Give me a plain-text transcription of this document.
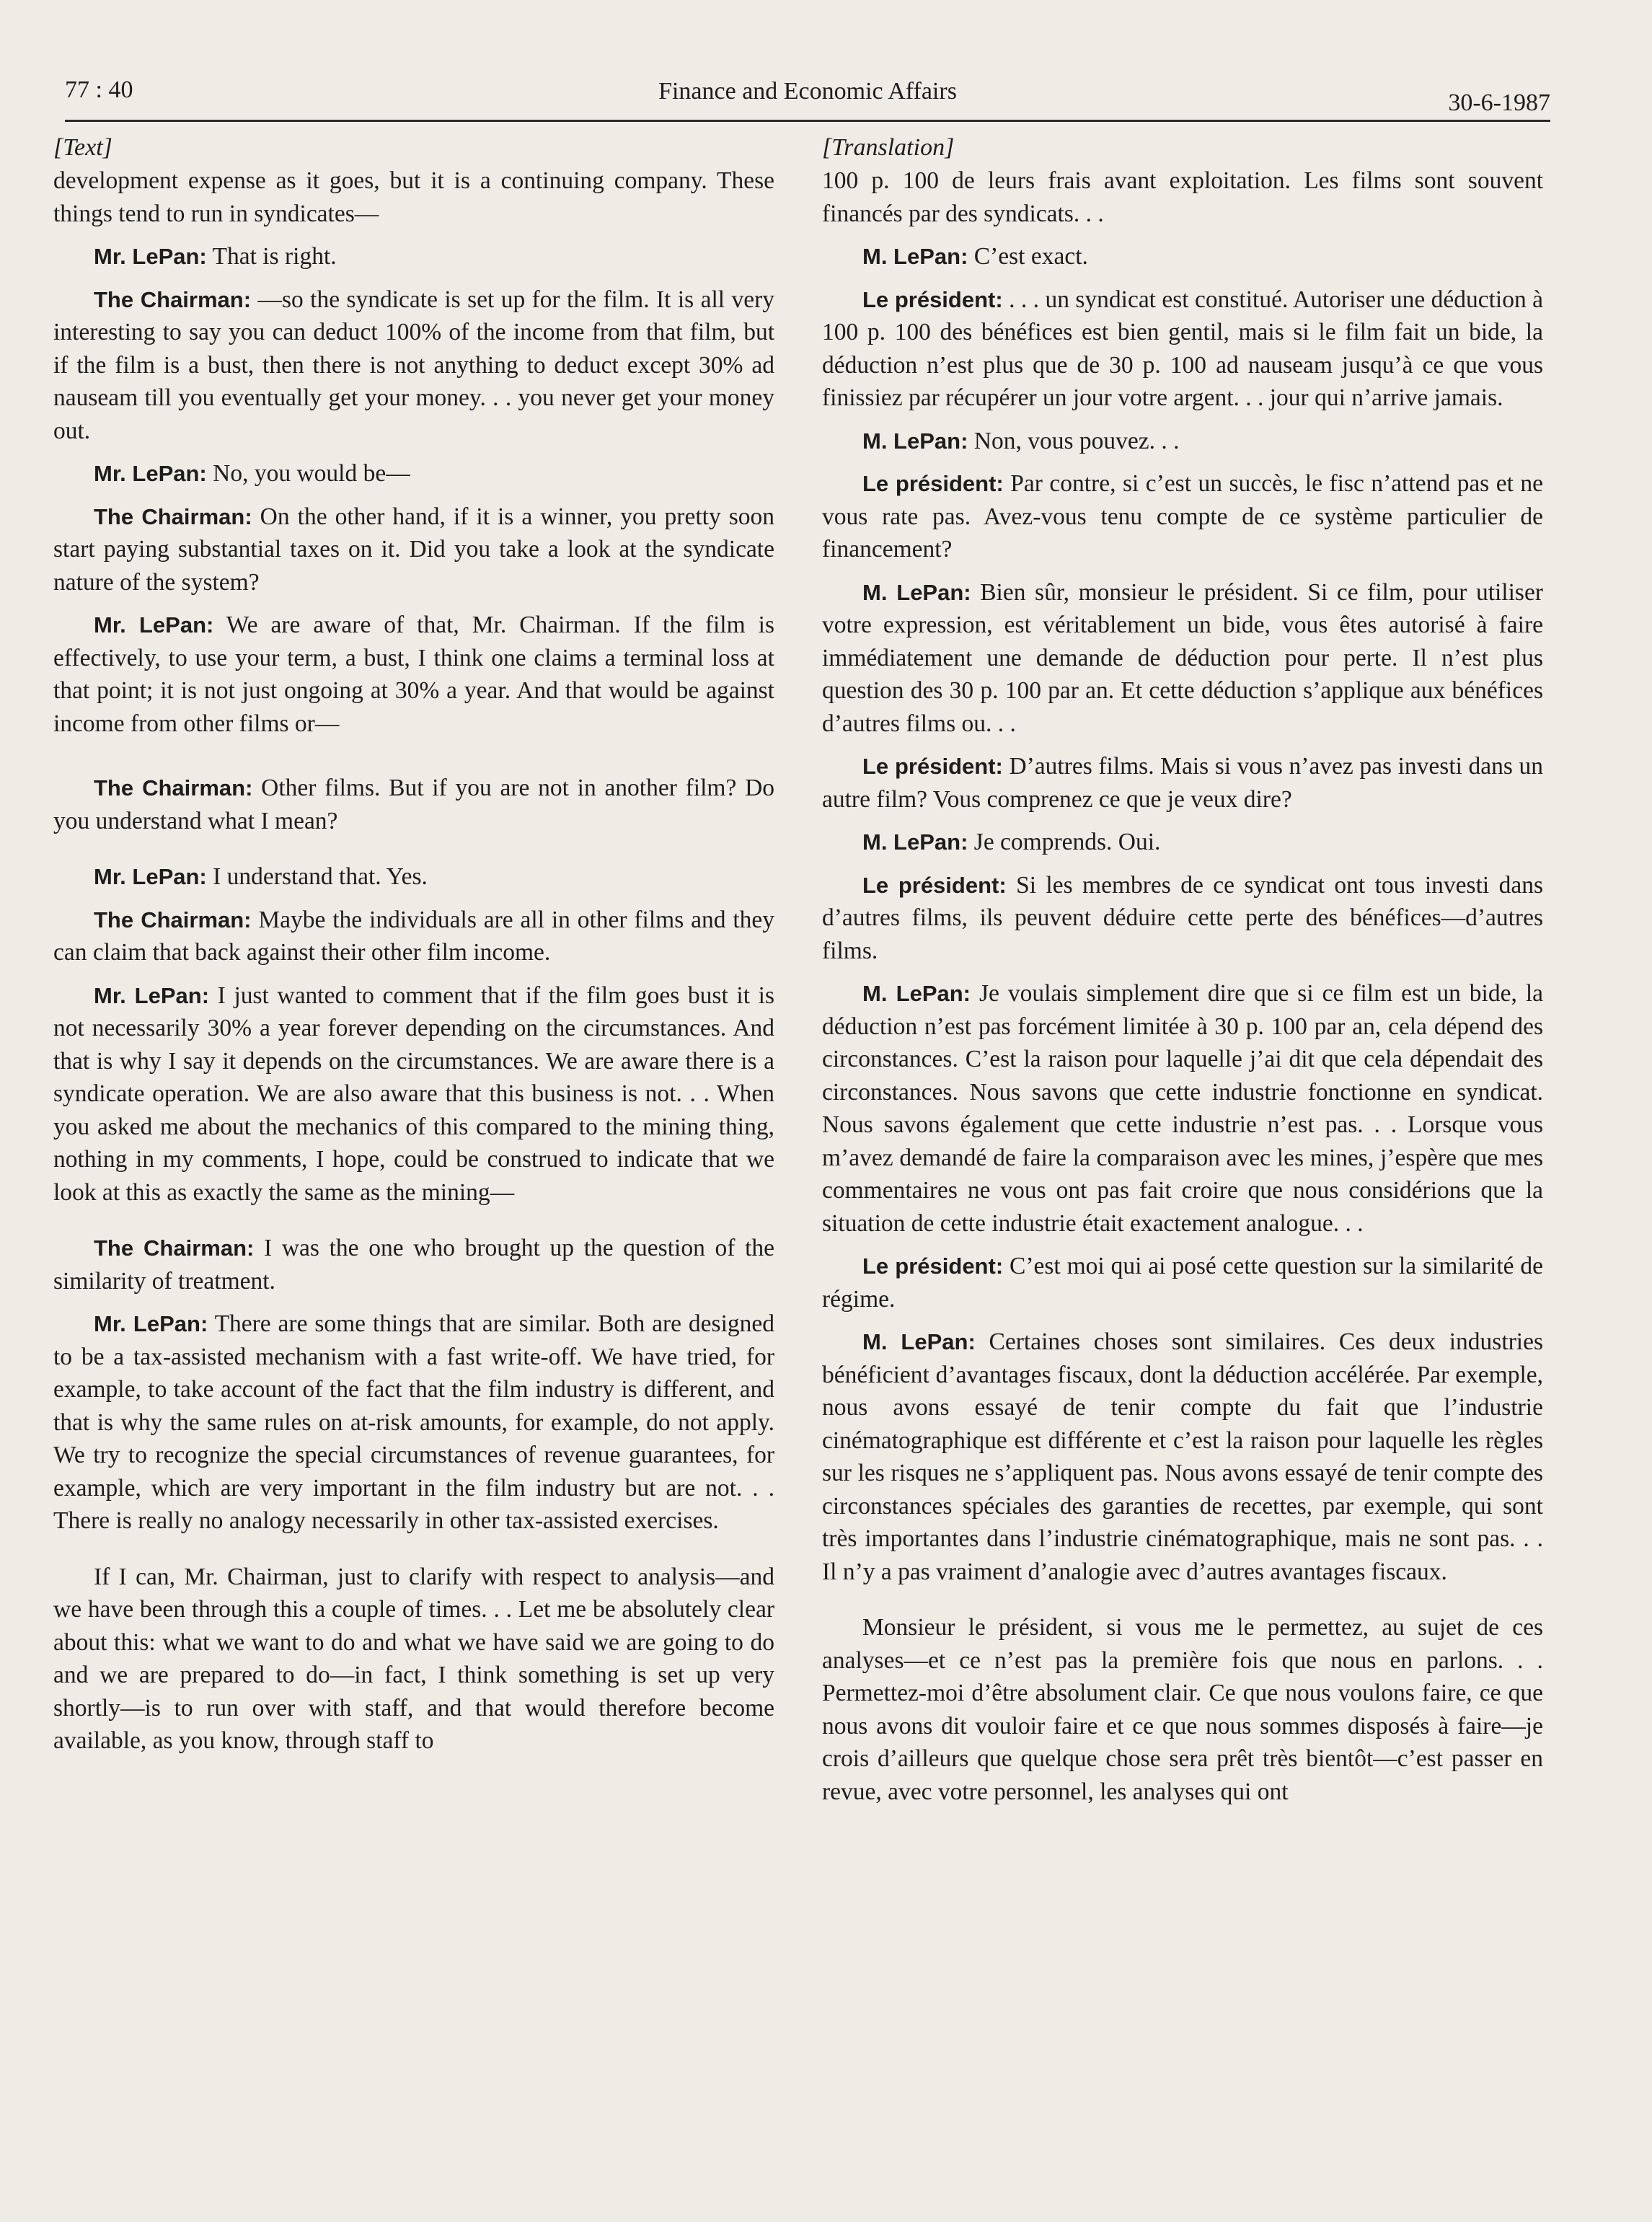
77 : 40	Finance and Economic Affairs	30-6-1987
[Text]

development expense as it goes, but it is a continuing company. These things tend to run in syndicates—

Mr. LePan: That is right.

The Chairman: —so the syndicate is set up for the film. It is all very interesting to say you can deduct 100% of the income from that film, but if the film is a bust, then there is not anything to deduct except 30% ad nauseam till you eventually get your money. . . you never get your money out.

Mr. LePan: No, you would be—

The Chairman: On the other hand, if it is a winner, you pretty soon start paying substantial taxes on it. Did you take a look at the syndicate nature of the system?

Mr. LePan: We are aware of that, Mr. Chairman. If the film is effectively, to use your term, a bust, I think one claims a terminal loss at that point; it is not just ongoing at 30% a year. And that would be against income from other films or—

The Chairman: Other films. But if you are not in another film? Do you understand what I mean?

Mr. LePan: I understand that. Yes.

The Chairman: Maybe the individuals are all in other films and they can claim that back against their other film income.

Mr. LePan: I just wanted to comment that if the film goes bust it is not necessarily 30% a year forever depending on the circumstances. And that is why I say it depends on the circumstances. We are aware there is a syndicate operation. We are also aware that this business is not. . . When you asked me about the mechanics of this compared to the mining thing, nothing in my comments, I hope, could be construed to indicate that we look at this as exactly the same as the mining—

The Chairman: I was the one who brought up the question of the similarity of treatment.

Mr. LePan: There are some things that are similar. Both are designed to be a tax-assisted mechanism with a fast write-off. We have tried, for example, to take account of the fact that the film industry is different, and that is why the same rules on at-risk amounts, for example, do not apply. We try to recognize the special circumstances of revenue guarantees, for example, which are very important in the film industry but are not. . . There is really no analogy necessarily in other tax-assisted exercises.

If I can, Mr. Chairman, just to clarify with respect to analysis—and we have been through this a couple of times. . . Let me be absolutely clear about this: what we want to do and what we have said we are going to do and we are prepared to do—in fact, I think something is set up very shortly—is to run over with staff, and that would therefore become available, as you know, through staff to

[Translation]

100 p. 100 de leurs frais avant exploitation. Les films sont souvent financés par des syndicats. . .

M. LePan: C’est exact.

Le président: . . . un syndicat est constitué. Autoriser une déduction à 100 p. 100 des bénéfices est bien gentil, mais si le film fait un bide, la déduction n’est plus que de 30 p. 100 ad nauseam jusqu’à ce que vous finissiez par récupérer un jour votre argent. . . jour qui n’arrive jamais.

M. LePan: Non, vous pouvez. . .

Le président: Par contre, si c’est un succès, le fisc n’attend pas et ne vous rate pas. Avez-vous tenu compte de ce système particulier de financement?

M. LePan: Bien sûr, monsieur le président. Si ce film, pour utiliser votre expression, est véritablement un bide, vous êtes autorisé à faire immédiatement une demande de déduction pour perte. Il n’est plus question des 30 p. 100 par an. Et cette déduction s’applique aux bénéfices d’autres films ou. . .

Le président: D’autres films. Mais si vous n’avez pas investi dans un autre film? Vous comprenez ce que je veux dire?

M. LePan: Je comprends. Oui.

Le président: Si les membres de ce syndicat ont tous investi dans d’autres films, ils peuvent déduire cette perte des bénéfices—d’autres films.

M. LePan: Je voulais simplement dire que si ce film est un bide, la déduction n’est pas forcément limitée à 30 p. 100 par an, cela dépend des circonstances. C’est la raison pour laquelle j’ai dit que cela dépendait des circonstances. Nous savons que cette industrie fonctionne en syndicat. Nous savons également que cette industrie n’est pas. . . Lorsque vous m’avez demandé de faire la comparaison avec les mines, j’espère que mes commentaires ne vous ont pas fait croire que nous considérions que la situation de cette industrie était exactement analogue. . .

Le président: C’est moi qui ai posé cette question sur la similarité de régime.

M. LePan: Certaines choses sont similaires. Ces deux industries bénéficient d’avantages fiscaux, dont la déduction accélérée. Par exemple, nous avons essayé de tenir compte du fait que l’industrie cinématographique est différente et c’est la raison pour laquelle les règles sur les risques ne s’appliquent pas. Nous avons essayé de tenir compte des circonstances spéciales des garanties de recettes, par exemple, qui sont très importantes dans l’industrie cinématographique, mais ne sont pas. . . Il n’y a pas vraiment d’analogie avec d’autres avantages fiscaux.

Monsieur le président, si vous me le permettez, au sujet de ces analyses—et ce n’est pas la première fois que nous en parlons. . . Permettez-moi d’être absolument clair. Ce que nous voulons faire, ce que nous avons dit vouloir faire et ce que nous sommes disposés à faire—je crois d’ailleurs que quelque chose sera prêt très bientôt—c’est passer en revue, avec votre personnel, les analyses qui ont
